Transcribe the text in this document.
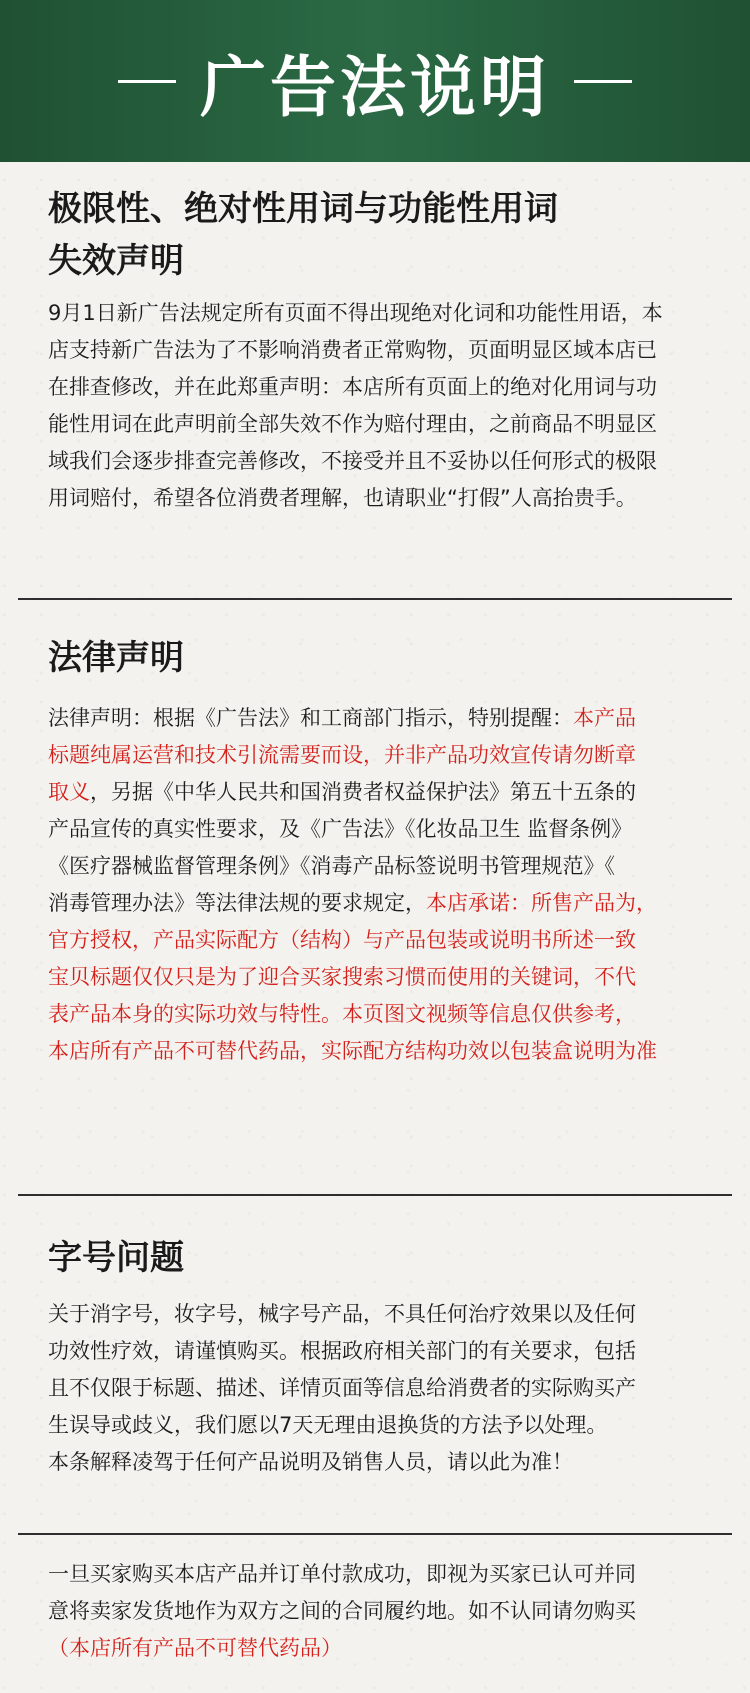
广告法说明

极限性、绝对性用词与功能性用词

失效声明

9月1日新广告法规定所有页面不得出现绝对化词和功能性用语，本
店支持新广告法为了不影响消费者正常购物，页面明显区域本店已
在排查修改，并在此郑重声明：本店所有页面上的绝对化用词与功
能性用词在此声明前全部失效不作为赔付理由，之前商品不明显区
域我们会逐步排查完善修改，不接受并且不妥协以任何形式的极限
用词赔付，希望各位消费者理解，也请职业“打假”人高抬贵手。

法律声明

法律声明：根据《广告法》和工商部门指示，特别提醒：本产品
标题纯属运营和技术引流需要而设，并非产品功效宣传请勿断章
取义，另据《中华人民共和国消费者权益保护法》第五十五条的
产品宣传的真实性要求，及《广告法》《化妆品卫生 监督条例》
《医疗器械监督管理条例》《消毒产品标签说明书管理规范》《
消毒管理办法》等法律法规的要求规定，本店承诺：所售产品为，
官方授权，产品实际配方（结构）与产品包装或说明书所述一致
宝贝标题仅仅只是为了迎合买家搜索习惯而使用的关键词，不代
表产品本身的实际功效与特性。本页图文视频等信息仅供参考，
本店所有产品不可替代药品，实际配方结构功效以包装盒说明为准

字号问题

关于消字号，妆字号，械字号产品，不具任何治疗效果以及任何
功效性疗效，请谨慎购买。根据政府相关部门的有关要求，包括
且不仅限于标题、描述、详情页面等信息给消费者的实际购买产
生误导或歧义，我们愿以7天无理由退换货的方法予以处理。
本条解释凌驾于任何产品说明及销售人员，请以此为准！
一旦买家购买本店产品并订单付款成功，即视为买家已认可并同
意将卖家发货地作为双方之间的合同履约地。如不认同请勿购买
（本店所有产品不可替代药品）
